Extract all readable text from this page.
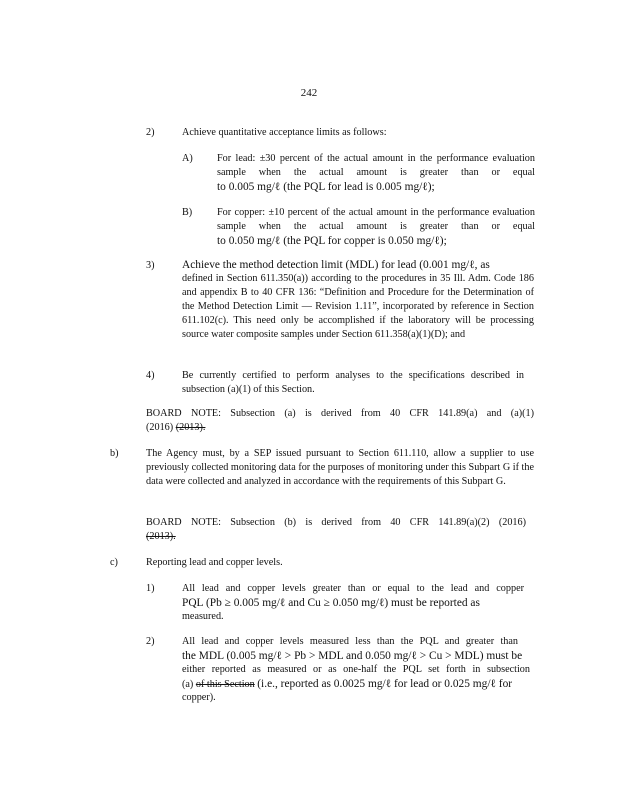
242
2)	Achieve quantitative acceptance limits as follows:
A) For lead: ±30 percent of the actual amount in the performance evaluation sample when the actual amount is greater than or equal
to 0.005 mg/ℓ (the PQL for lead is 0.005 mg/ℓ);
B) For copper: ±10 percent of the actual amount in the performance evaluation sample when the actual amount is greater than or equal
to 0.050 mg/ℓ (the PQL for copper is 0.050 mg/ℓ);
3) Achieve the method detection limit (MDL) for lead (0.001 mg/ℓ, as
defined in Section 611.350(a)) according to the procedures in 35 Ill. Adm. Code 186 and appendix B to 40 CFR 136: “Definition and Procedure for the Determination of the Method Detection Limit — Revision 1.11”, incorporated by reference in Section 611.102(c). This need only be accomplished if the laboratory will be processing source water composite samples under Section 611.358(a)(1)(D); and
4)	Be currently certified to perform analyses to the specifications described in subsection (a)(1) of this Section.
BOARD NOTE: Subsection (a) is derived from 40 CFR 141.89(a) and (a)(1)
(2016) (2013).
b)	The Agency must, by a SEP issued pursuant to Section 611.110, allow a supplier to use previously collected monitoring data for the purposes of monitoring under this Subpart G if the data were collected and analyzed in accordance with the requirements of this Subpart G.
BOARD NOTE: Subsection (b) is derived from 40 CFR 141.89(a)(2) (2016)
(2013).
c)	Reporting lead and copper levels.
1)	All lead and copper levels greater than or equal to the lead and copper
PQL (Pb ≥ 0.005 mg/ℓ and Cu ≥ 0.050 mg/ℓ) must be reported as
measured.
2)	All lead and copper levels measured less than the PQL and greater than
the MDL (0.005 mg/ℓ > Pb > MDL and 0.050 mg/ℓ > Cu > MDL) must be
either reported as measured or as one-half the PQL set forth in subsection
(a) of this Section (i.e., reported as 0.0025 mg/ℓ for lead or 0.025 mg/ℓ for
copper).
